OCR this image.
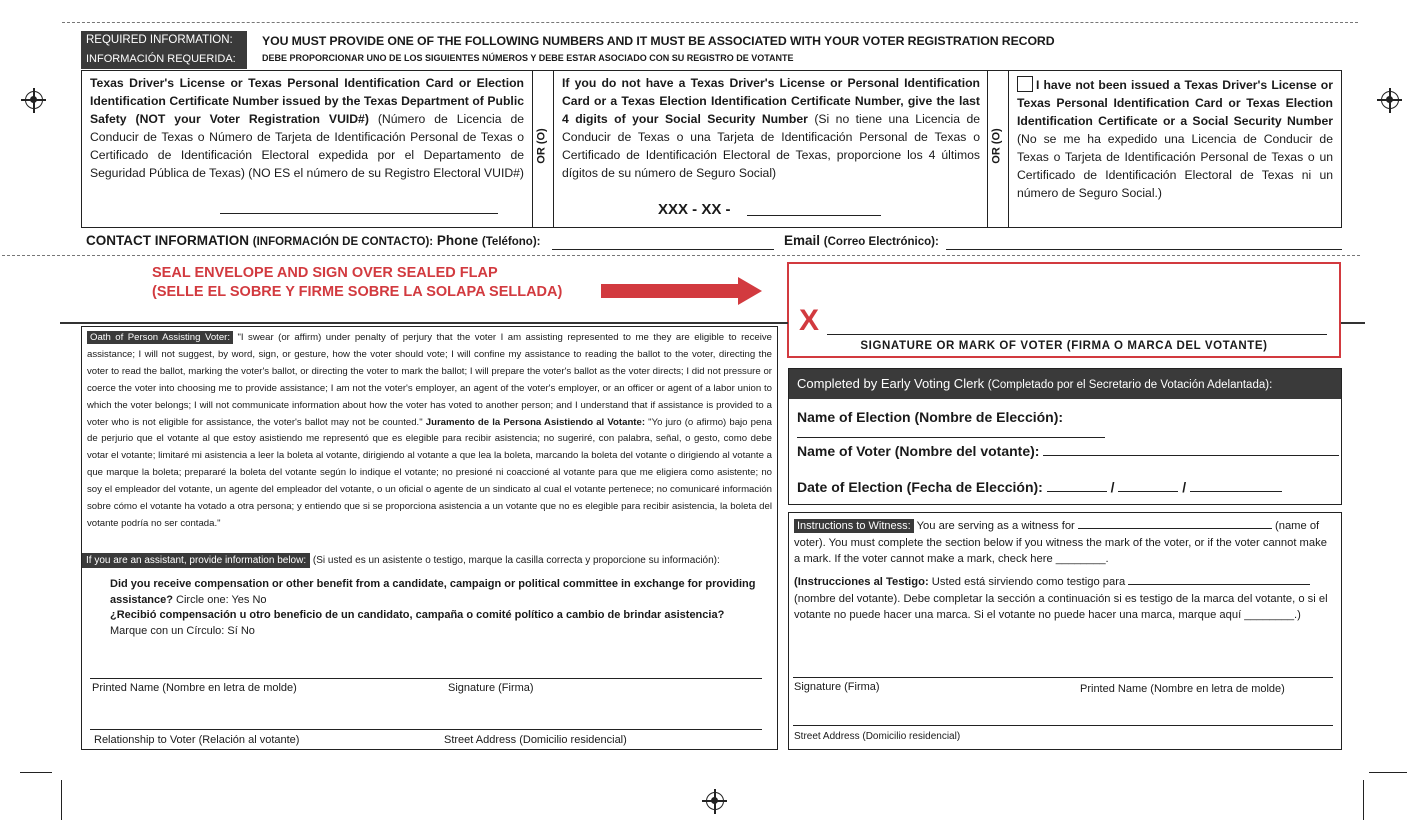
REQUIRED INFORMATION:
INFORMACIÓN REQUERIDA:
YOU MUST PROVIDE ONE OF THE FOLLOWING NUMBERS AND IT MUST BE ASSOCIATED WITH YOUR VOTER REGISTRATION RECORD
DEBE PROPORCIONAR UNO DE LOS SIGUIENTES NÚMEROS Y DEBE ESTAR ASOCIADO CON SU REGISTRO DE VOTANTE
Texas Driver's License or Texas Personal Identification Card or Election Identification Certificate Number issued by the Texas Department of Public Safety (NOT your Voter Registration VUID#) (Número de Licencia de Conducir de Texas o Número de Tarjeta de Identificación Personal de Texas o Certificado de Identificación Electoral expedida por el Departamento de Seguridad Pública de Texas) (NO ES el número de su Registro Electoral VUID#)
OR (O)
If you do not have a Texas Driver's License or Personal Identification Card or a Texas Election Identification Certificate Number, give the last 4 digits of your Social Security Number (Si no tiene una Licencia de Conducir de Texas o una Tarjeta de Identificación Personal de Texas o Certificado de Identificación Electoral de Texas, proporcione los 4 últimos dígitos de su número de Seguro Social)
XXX - XX -
OR (O)
I have not been issued a Texas Driver's License or Texas Personal Identification Card or Texas Election Identification Certificate or a Social Security Number (No se me ha expedido una Licencia de Conducir de Texas o Tarjeta de Identificación Personal de Texas o un Certificado de Identificación Electoral de Texas ni un número de Seguro Social.)
CONTACT INFORMATION (INFORMACIÓN DE CONTACTO): Phone (Teléfono):	Email (Correo Electrónico):
SEAL ENVELOPE AND SIGN OVER SEALED FLAP
(SELLE EL SOBRE Y FIRME SOBRE LA SOLAPA SELLADA)
X
SIGNATURE OR MARK OF VOTER (FIRMA O MARCA DEL VOTANTE)
Oath of Person Assisting Voter: "I swear (or affirm) under penalty of perjury that the voter I am assisting represented to me they are eligible to receive assistance; I will not suggest, by word, sign, or gesture, how the voter should vote; I will confine my assistance to reading the ballot to the voter, directing the voter to read the ballot, marking the voter's ballot, or directing the voter to mark the ballot; I will prepare the voter's ballot as the voter directs; I did not pressure or coerce the voter into choosing me to provide assistance; I am not the voter's employer, an agent of the voter's employer, or an officer or agent of a labor union to which the voter belongs; I will not communicate information about how the voter has voted to another person; and I understand that if assistance is provided to a voter who is not eligible for assistance, the voter's ballot may not be counted." Juramento de la Persona Asistiendo al Votante: "Yo juro (o afirmo) bajo pena de perjurio que el votante al que estoy asistiendo me representó que es elegible para recibir asistencia; no sugeriré, con palabra, señal, o gesto, como debe votar el votante; limitaré mi asistencia a leer la boleta al votante, dirigiendo al votante a que lea la boleta, marcando la boleta del votante o dirigiendo al votante a que marque la boleta; prepararé la boleta del votante según lo indique el votante; no presioné ni coaccioné al votante para que me eligiera como asistente; no soy el empleador del votante, un agente del empleador del votante, o un oficial o agente de un sindicato al cual el votante pertenece; no comunicaré información sobre cómo el votante ha votado a otra persona; y entiendo que si se proporciona asistencia a un votante que no es elegible para recibir asistencia, la boleta del votante podría no ser contada."
If you are an assistant, provide information below: (Si usted es un asistente o testigo, marque la casilla correcta y proporcione su información):
Did you receive compensation or other benefit from a candidate, campaign or political committee in exchange for providing assistance? Circle one: Yes No
¿Recibió compensación u otro beneficio de un candidato, campaña o comité político a cambio de brindar asistencia?
Marque con un Círculo: Sí No
Printed Name (Nombre en letra de molde)	Signature (Firma)
Relationship to Voter (Relación al votante)	Street Address (Domicilio residencial)
Completed by Early Voting Clerk (Completado por el Secretario de Votación Adelantada):
Name of Election (Nombre de Elección):
Name of Voter (Nombre del votante):
Date of Election (Fecha de Elección):	/	/
Instructions to Witness: You are serving as a witness for	(name of voter). You must complete the section below if you witness the mark of the voter, or if the voter cannot make a mark. If the voter cannot make a mark, check here ________.
(Instrucciones al Testigo: Usted está sirviendo como testigo para  (nombre del votante). Debe completar la sección a continuación si es testigo de la marca del votante, o si el votante no puede hacer una marca. Si el votante no puede hacer una marca, marque aquí ________.)
Signature (Firma)	Printed Name (Nombre en letra de molde)
Street Address (Domicilio residencial)
